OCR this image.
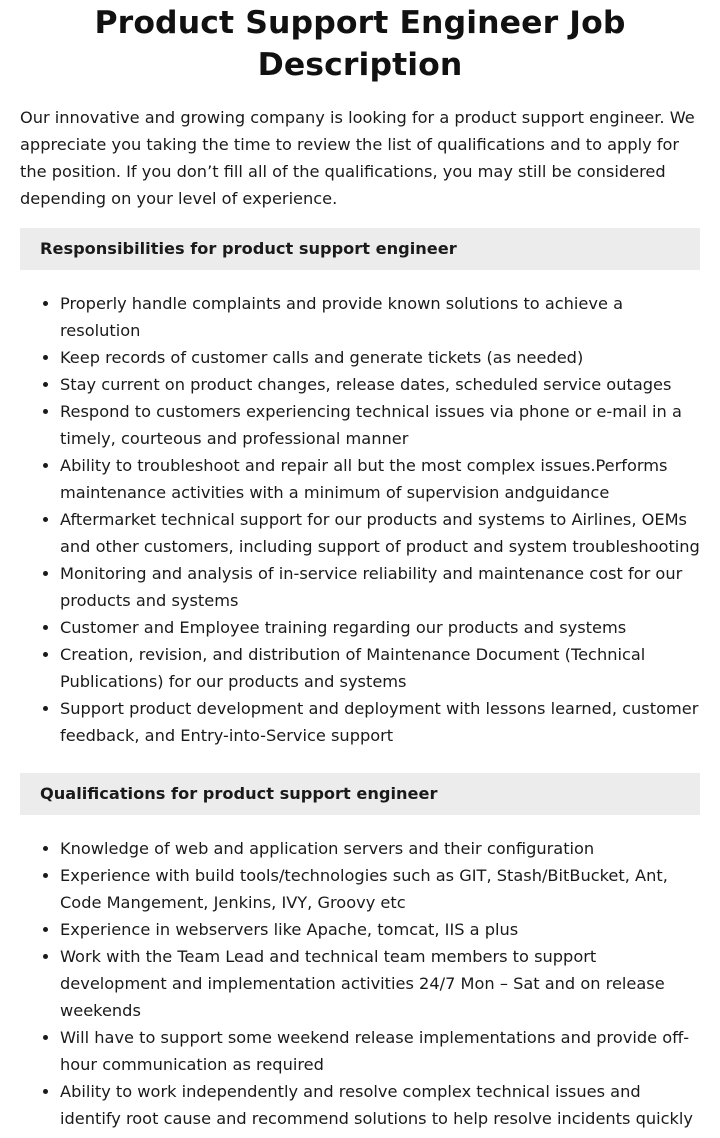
Product Support Engineer Job Description

Our innovative and growing company is looking for a product support engineer. We appreciate you taking the time to review the list of qualifications and to apply for the position. If you don’t fill all of the qualifications, you may still be considered depending on your level of experience.

Responsibilities for product support engineer
• Properly handle complaints and provide known solutions to achieve a resolution
• Keep records of customer calls and generate tickets (as needed)
• Stay current on product changes, release dates, scheduled service outages
• Respond to customers experiencing technical issues via phone or e-mail in a timely, courteous and professional manner
• Ability to troubleshoot and repair all but the most complex issues.Performs maintenance activities with a minimum of supervision andguidance
• Aftermarket technical support for our products and systems to Airlines, OEMs and other customers, including support of product and system troubleshooting
• Monitoring and analysis of in-service reliability and maintenance cost for our products and systems
• Customer and Employee training regarding our products and systems
• Creation, revision, and distribution of Maintenance Document (Technical Publications) for our products and systems
• Support product development and deployment with lessons learned, customer feedback, and Entry-into-Service support
Qualifications for product support engineer
• Knowledge of web and application servers and their configuration
• Experience with build tools/technologies such as GIT, Stash/BitBucket, Ant, Code Mangement, Jenkins, IVY, Groovy etc
• Experience in webservers like Apache, tomcat, IIS a plus
• Work with the Team Lead and technical team members to support development and implementation activities 24/7 Mon – Sat and on release weekends
• Will have to support some weekend release implementations and provide off-hour communication as required
• Ability to work independently and resolve complex technical issues and identify root cause and recommend solutions to help resolve incidents quickly
